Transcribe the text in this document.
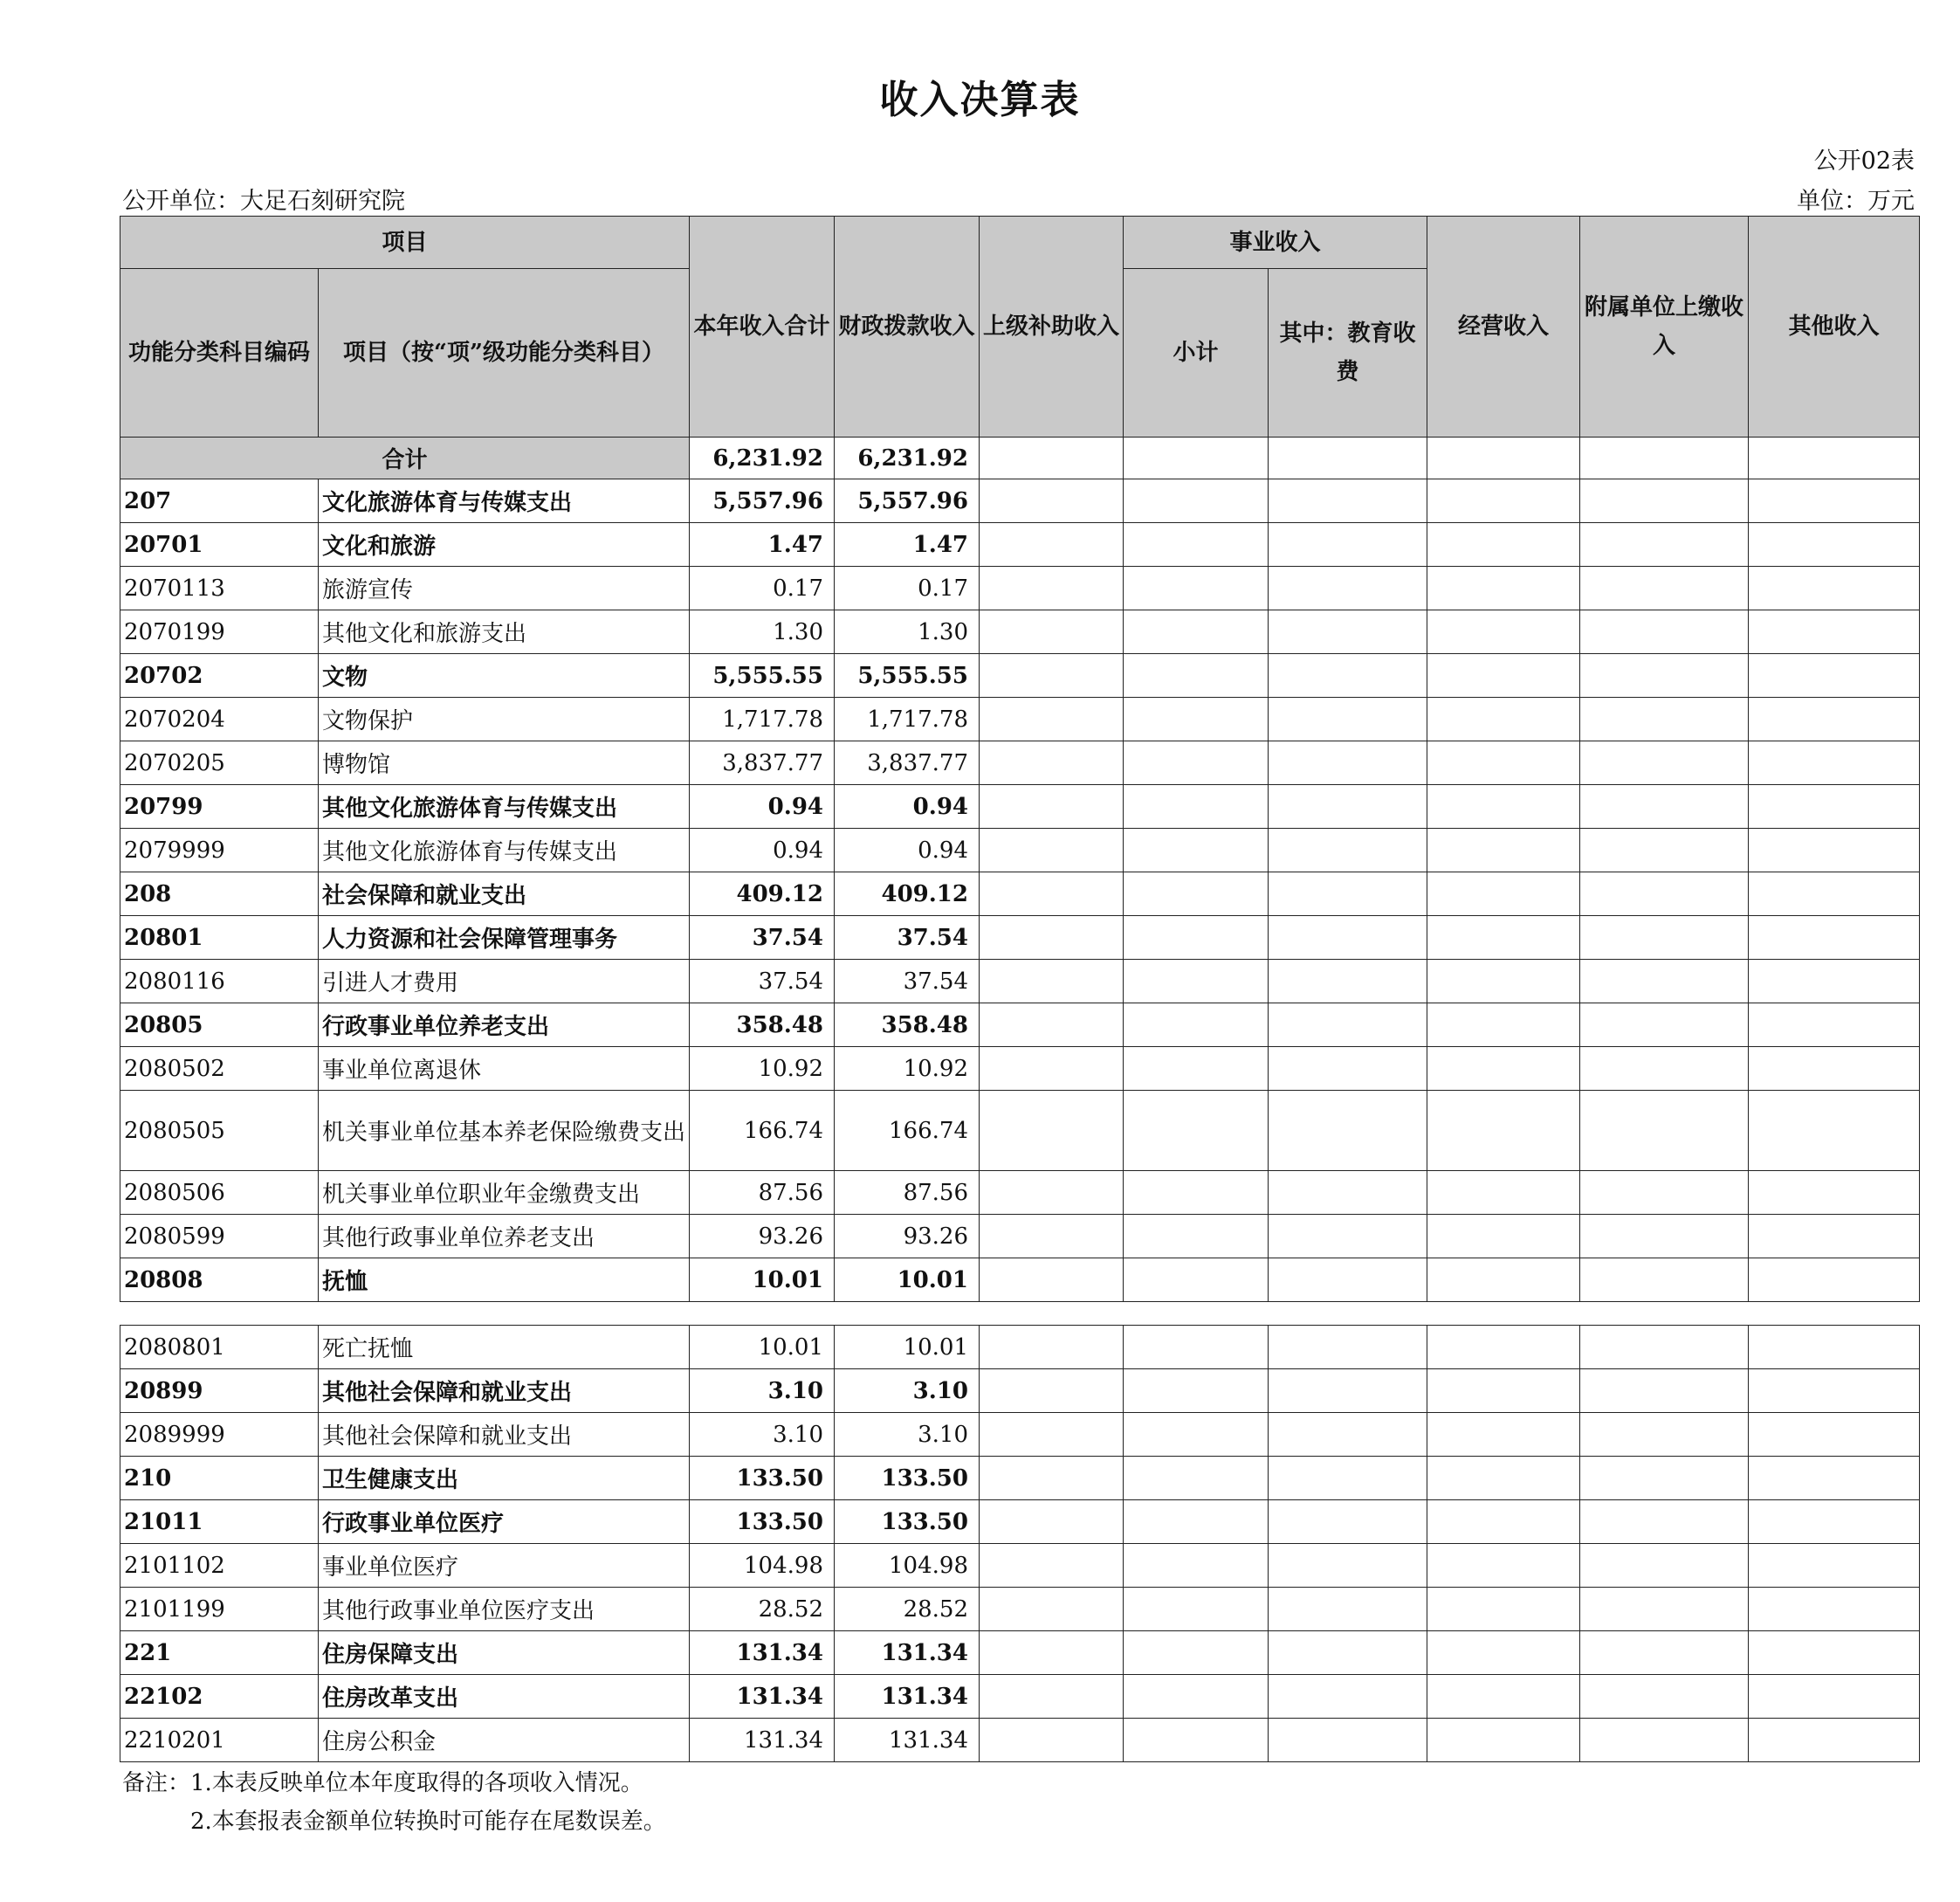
收入决算表
公开02表
公开单位：大足石刻研究院	单位：万元
项目		本年收入合计	财政拨款收入	上级补助收入	事业收入		经营收入	附属单位上缴收入	其他收入
功能分类科目编码	项目（按“项”级功能分类科目）				小计	其中：教育收费			
合计		6,231.92	6,231.92						
207	文化旅游体育与传媒支出	5,557.96	5,557.96						
20701	文化和旅游	1.47	1.47						
2070113	旅游宣传	0.17	0.17						
2070199	其他文化和旅游支出	1.30	1.30						
20702	文物	5,555.55	5,555.55						
2070204	文物保护	1,717.78	1,717.78						
2070205	博物馆	3,837.77	3,837.77						
20799	其他文化旅游体育与传媒支出	0.94	0.94						
2079999	其他文化旅游体育与传媒支出	0.94	0.94						
208	社会保障和就业支出	409.12	409.12						
20801	人力资源和社会保障管理事务	37.54	37.54						
2080116	引进人才费用	37.54	37.54						
20805	行政事业单位养老支出	358.48	358.48						
2080502	事业单位离退休	10.92	10.92						
2080505	机关事业单位基本养老保险缴费支出	166.74	166.74						
2080506	机关事业单位职业年金缴费支出	87.56	87.56						
2080599	其他行政事业单位养老支出	93.26	93.26						
20808	抚恤	10.01	10.01						
2080801	死亡抚恤	10.01	10.01						
20899	其他社会保障和就业支出	3.10	3.10						
2089999	其他社会保障和就业支出	3.10	3.10						
210	卫生健康支出	133.50	133.50						
21011	行政事业单位医疗	133.50	133.50						
2101102	事业单位医疗	104.98	104.98						
2101199	其他行政事业单位医疗支出	28.52	28.52						
221	住房保障支出	131.34	131.34						
22102	住房改革支出	131.34	131.34						
2210201	住房公积金	131.34	131.34						
备注：1.本表反映单位本年度取得的各项收入情况。
2.本套报表金额单位转换时可能存在尾数误差。
